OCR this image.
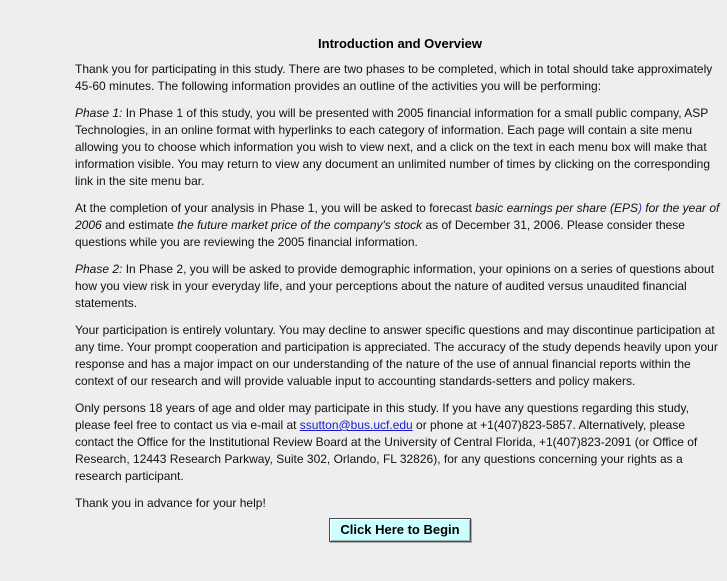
Introduction and Overview

Thank you for participating in this study. There are two phases to be completed, which in total should take approximately 45-60 minutes. The following information provides an outline of the activities you will be performing:

Phase 1: In Phase 1 of this study, you will be presented with 2005 financial information for a small public company, ASP Technologies, in an online format with hyperlinks to each category of information. Each page will contain a site menu allowing you to choose which information you wish to view next, and a click on the text in each menu box will make that information visible. You may return to view any document an unlimited number of times by clicking on the corresponding link in the site menu bar.

At the completion of your analysis in Phase 1, you will be asked to forecast basic earnings per share (EPS) for the year of 2006 and estimate the future market price of the company's stock as of December 31, 2006. Please consider these questions while you are reviewing the 2005 financial information.

Phase 2: In Phase 2, you will be asked to provide demographic information, your opinions on a series of questions about how you view risk in your everyday life, and your perceptions about the nature of audited versus unaudited financial statements.

Your participation is entirely voluntary. You may decline to answer specific questions and may discontinue participation at any time. Your prompt cooperation and participation is appreciated. The accuracy of the study depends heavily upon your response and has a major impact on our understanding of the nature of the use of annual financial reports within the context of our research and will provide valuable input to accounting standards-setters and policy makers.

Only persons 18 years of age and older may participate in this study. If you have any questions regarding this study, please feel free to contact us via e-mail at ssutton@bus.ucf.edu or phone at +1(407)823-5857. Alternatively, please contact the Office for the Institutional Review Board at the University of Central Florida, +1(407)823-2091 (or Office of Research, 12443 Research Parkway, Suite 302, Orlando, FL 32826), for any questions concerning your rights as a research participant.

Thank you in advance for your help!

Click Here to Begin
